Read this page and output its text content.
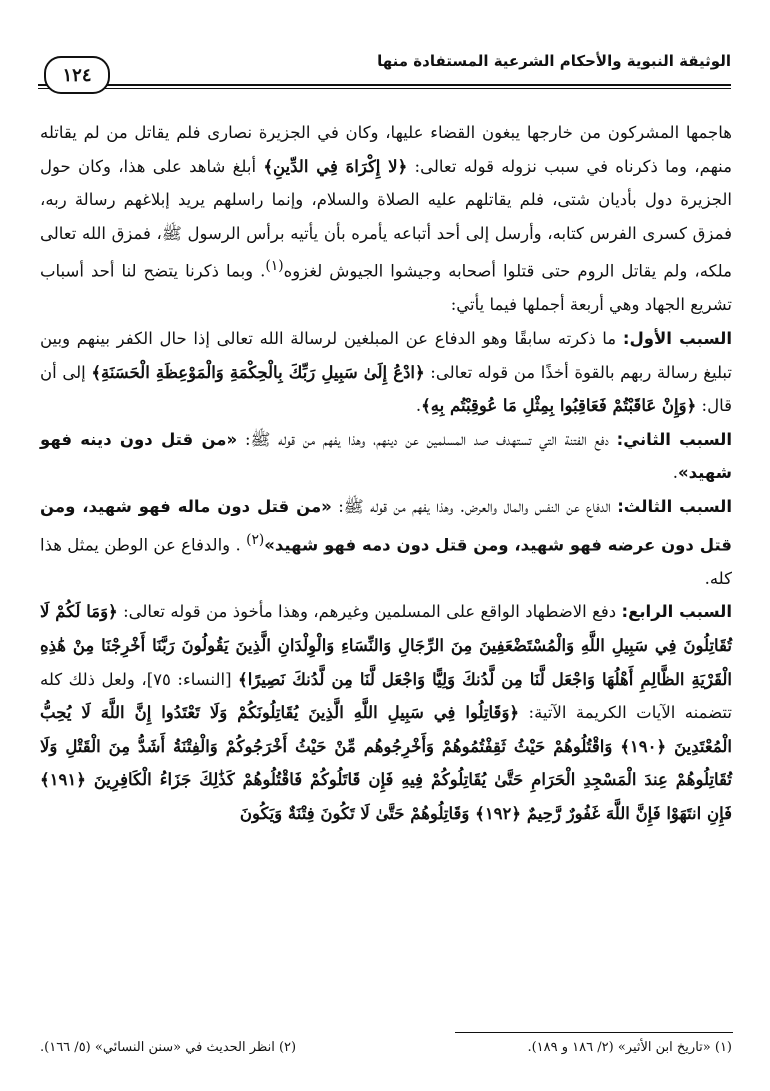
الوثيقة النبوية والأحكام الشرعية المستفادة منها
١٢٤

هاجمها المشركون من خارجها يبغون القضاء عليها، وكان في الجزيرة نصارى فلم يقاتل من لم يقاتله منهم، وما ذكرناه في سبب نزوله قوله تعالى: ﴿لا إِكْرَاهَ فِي الدِّينِ﴾ أبلغ شاهد على هذا، وكان حول الجزيرة دول بأديان شتى، فلم يقاتلهم عليه الصلاة والسلام، وإنما راسلهم يريد إبلاغهم رسالة ربه، فمزق كسرى الفرس كتابه، وأرسل إلى أحد أتباعه يأمره بأن يأتيه برأس الرسول ﷺ، فمزق الله تعالى ملكه، ولم يقاتل الروم حتى قتلوا أصحابه وجيشوا الجيوش لغزوه$^{(١)}$. وبما ذكرنا يتضح لنا أحد أسباب تشريع الجهاد وهي أربعة أجملها فيما يأتي:

السبب الأول: ما ذكرته سابقًا وهو الدفاع عن المبلغين لرسالة الله تعالى إذا حال الكفر بينهم وبين تبليغ رسالة ربهم بالقوة أخذًا من قوله تعالى: ﴿ادْعُ إِلَىٰ سَبِيلِ رَبِّكَ بِالْحِكْمَةِ وَالْمَوْعِظَةِ الْحَسَنَةِ﴾ إلى أن قال: ﴿وَإِنْ عَاقَبْتُمْ فَعَاقِبُوا بِمِثْلِ مَا عُوقِبْتُم بِهِ﴾.

السبب الثاني: دفع الفتنة التي تستهدف صد المسلمين عن دينهم، وهذا يفهم من قوله ﷺ: «من قتل دون دينه فهو شهيد».

السبب الثالث: الدفاع عن النفس والمال والعرض. وهذا يفهم من قوله ﷺ: «من قتل دون ماله فهو شهيد، ومن قتل دون عرضه فهو شهيد، ومن قتل دون دمه فهو شهيد»$^{(٢)}$ . والدفاع عن الوطن يمثل هذا كله.

السبب الرابع: دفع الاضطهاد الواقع على المسلمين وغيرهم، وهذا مأخوذ من قوله تعالى: ﴿وَمَا لَكُمْ لَا تُقَاتِلُونَ فِي سَبِيلِ اللَّهِ وَالْمُسْتَضْعَفِينَ مِنَ الرِّجَالِ وَالنِّسَاءِ وَالْوِلْدَانِ الَّذِينَ يَقُولُونَ رَبَّنَا أَخْرِجْنَا مِنْ هَٰذِهِ الْقَرْيَةِ الظَّالِمِ أَهْلُهَا وَاجْعَل لَّنَا مِن لَّدُنكَ وَلِيًّا وَاجْعَل لَّنَا مِن لَّدُنكَ نَصِيرًا﴾ [النساء: ٧٥]، ولعل ذلك كله تتضمنه الآيات الكريمة الآتية: ﴿وَقَاتِلُوا فِي سَبِيلِ اللَّهِ الَّذِينَ يُقَاتِلُونَكُمْ وَلَا تَعْتَدُوا إِنَّ اللَّهَ لَا يُحِبُّ الْمُعْتَدِينَ ﴿١٩٠﴾ وَاقْتُلُوهُمْ حَيْثُ ثَقِفْتُمُوهُمْ وَأَخْرِجُوهُم مِّنْ حَيْثُ أَخْرَجُوكُمْ وَالْفِتْنَةُ أَشَدُّ مِنَ الْقَتْلِ وَلَا تُقَاتِلُوهُمْ عِندَ الْمَسْجِدِ الْحَرَامِ حَتَّىٰ يُقَاتِلُوكُمْ فِيهِ فَإِن قَاتَلُوكُمْ فَاقْتُلُوهُمْ كَذَٰلِكَ جَزَاءُ الْكَافِرِينَ ﴿١٩١﴾ فَإِنِ انتَهَوْا فَإِنَّ اللَّهَ غَفُورٌ رَّحِيمٌ ﴿١٩٢﴾ وَقَاتِلُوهُمْ حَتَّىٰ لَا تَكُونَ فِتْنَةٌ وَيَكُونَ

(١) «تاريخ ابن الأثير» (٢/ ١٨٦ و ١٨٩).
(٢) انظر الحديث في «سنن النسائي» (٥/ ١٦٦).
